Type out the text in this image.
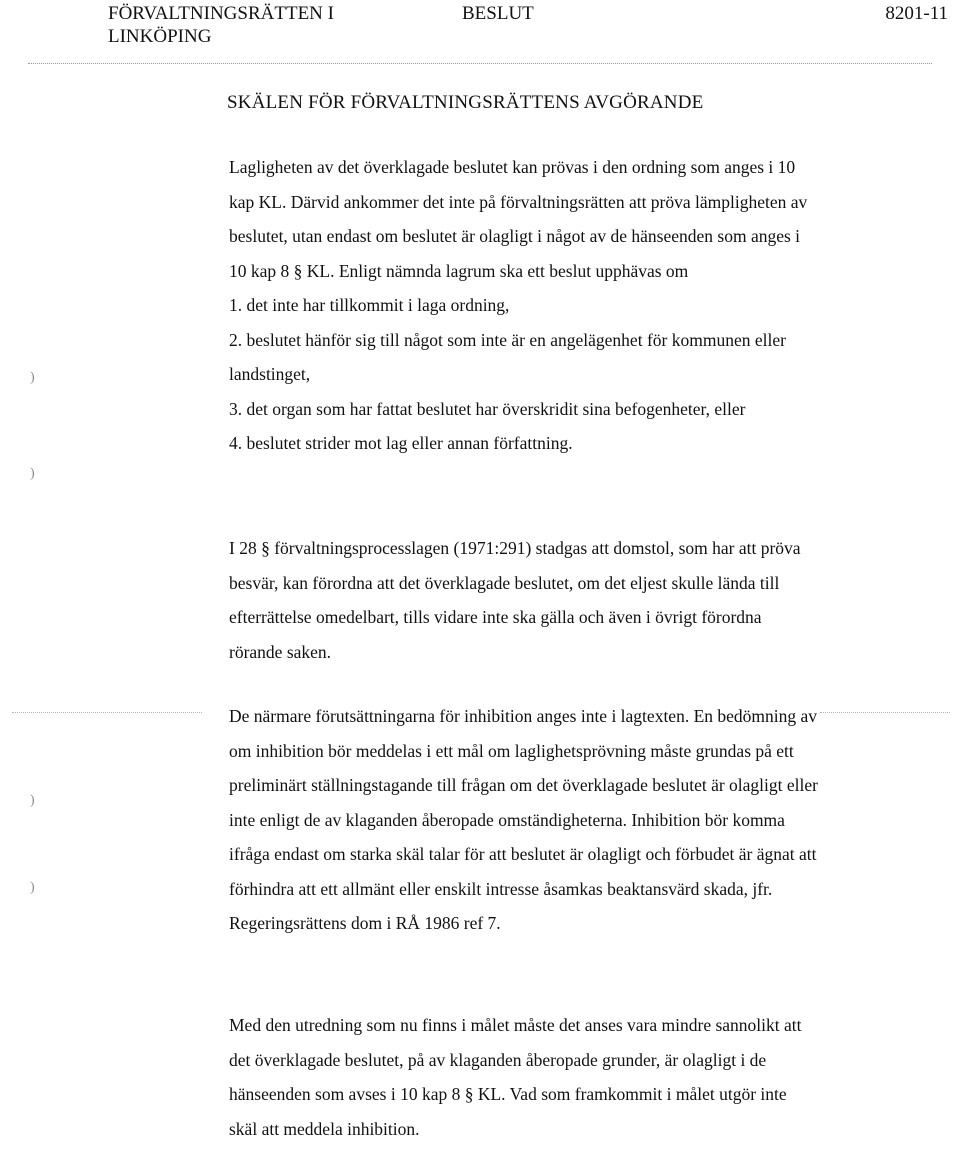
FÖRVALTNINGSRÄTTEN I LINKÖPING
BESLUT	8201-11
SKÄLEN FÖR FÖRVALTNINGSRÄTTENS AVGÖRANDE

Lagligheten av det överklagade beslutet kan prövas i den ordning som anges i 10 kap KL. Därvid ankommer det inte på förvaltningsrätten att pröva lämpligheten av beslutet, utan endast om beslutet är olagligt i något av de hänseenden som anges i 10 kap 8 § KL. Enligt nämnda lagrum ska ett beslut upphävas om
1. det inte har tillkommit i laga ordning,
2. beslutet hänför sig till något som inte är en angelägenhet för kommunen eller landstinget,
3. det organ som har fattat beslutet har överskridit sina befogenheter, eller
4. beslutet strider mot lag eller annan författning.

I 28 § förvaltningsprocesslagen (1971:291) stadgas att domstol, som har att pröva besvär, kan förordna att det överklagade beslutet, om det eljest skulle lända till efterrättelse omedelbart, tills vidare inte ska gälla och även i övrigt förordna rörande saken.

De närmare förutsättningarna för inhibition anges inte i lagtexten. En bedömning av om inhibition bör meddelas i ett mål om laglighetsprövning måste grundas på ett preliminärt ställningstagande till frågan om det överklagade beslutet är olagligt eller inte enligt de av klaganden åberopade omständigheterna. Inhibition bör komma ifråga endast om starka skäl talar för att beslutet är olagligt och förbudet är ägnat att förhindra att ett allmänt eller enskilt intresse åsamkas beaktansvärd skada, jfr. Regeringsrättens dom i RÅ 1986 ref 7.

Med den utredning som nu finns i målet måste det anses vara mindre sannolikt att det överklagade beslutet, på av klaganden åberopade grunder, är olagligt i de hänseenden som avses i 10 kap 8 § KL. Vad som framkommit i målet utgör inte skäl att meddela inhibition.

)
)
)
)
